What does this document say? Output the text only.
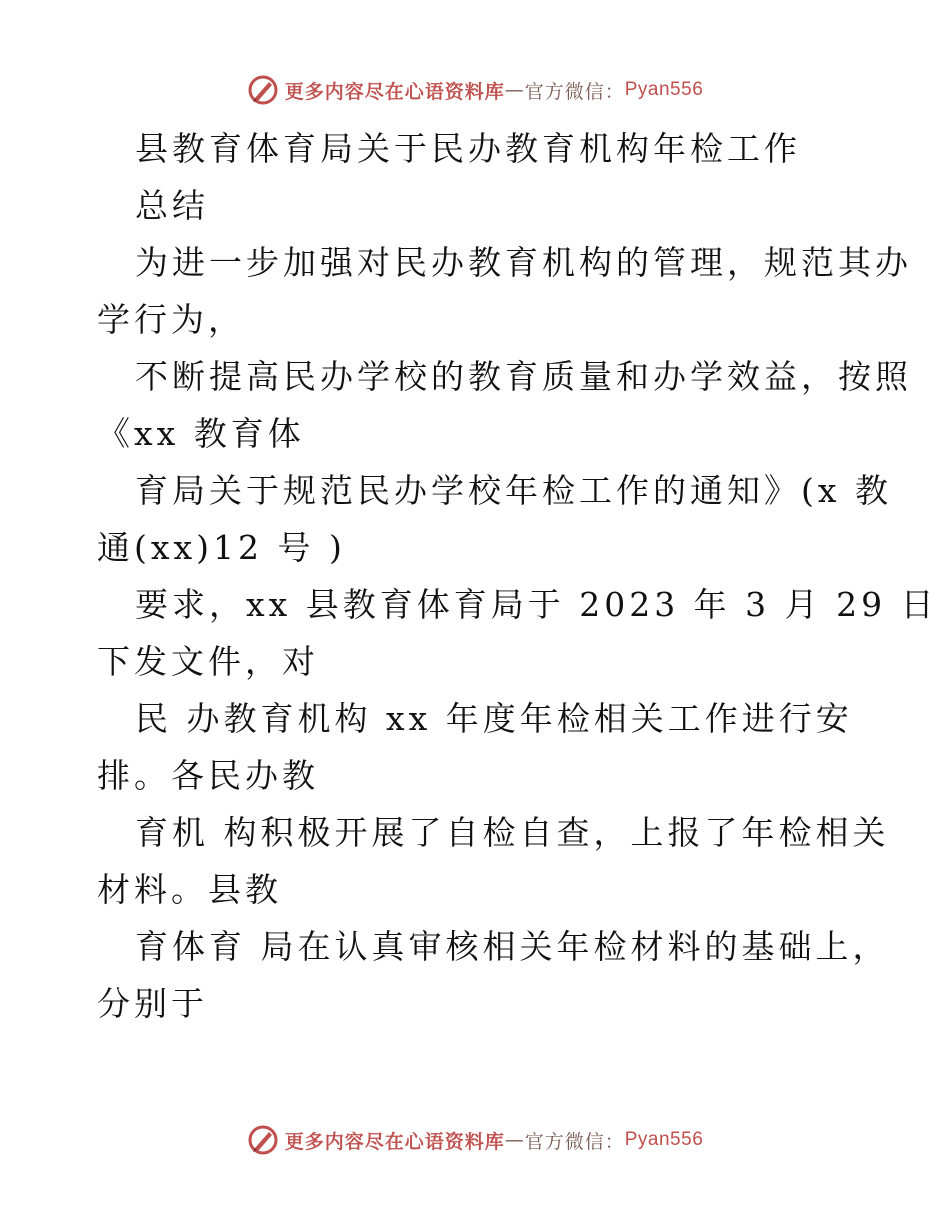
更多内容尽在心语资料库 — 官方微信： Pyan556
县教育体育局关于民办教育机构年检工作
总结
为进一步加强对民办教育机构的管理，规范其办
学行为，
不断提高民办学校的教育质量和办学效益，按照
《xx 教育体
育局关于规范民办学校年检工作的通知》(x 教
通(xx)12 号 )
要求，xx 县教育体育局于 2023 年 3 月 29 日
下发文件，对
民 办教育机构 xx 年度年检相关工作进行安
排。各民办教
育机 构积极开展了自检自查，上报了年检相关
材料。县教
育体育 局在认真审核相关年检材料的基础上，
分别于
更多内容尽在心语资料库 — 官方微信： Pyan556
